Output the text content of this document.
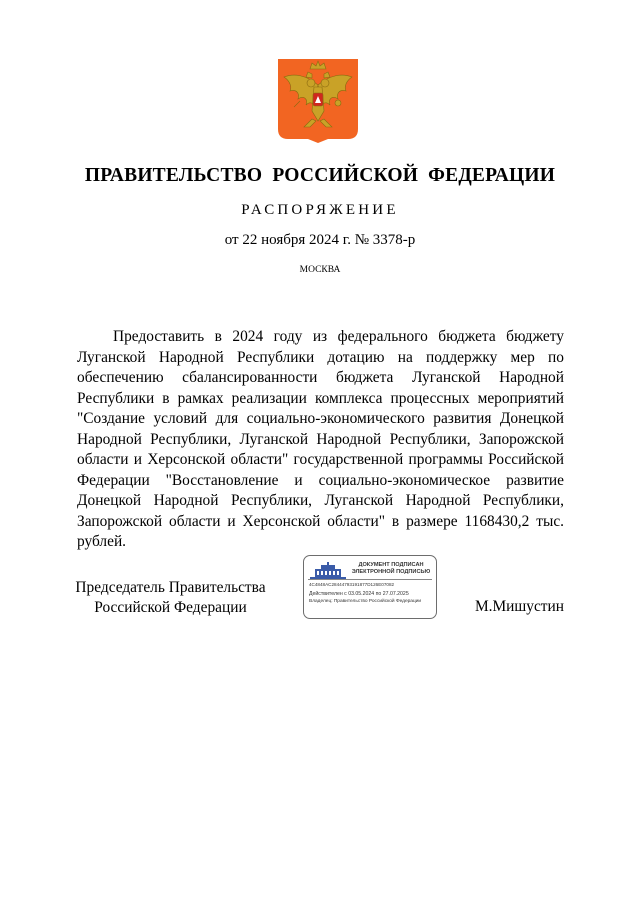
ПРАВИТЕЛЬСТВО РОССИЙСКОЙ ФЕДЕРАЦИИ
РАСПОРЯЖЕНИЕ
от 22 ноября 2024 г. № 3378-р
МОСКВА

Предоставить в 2024 году из федерального бюджета бюджету Луганской Народной Республики дотацию на поддержку мер по обеспечению сбалансированности бюджета Луганской Народной Республики в рамках реализации комплекса процессных мероприятий "Создание условий для социально-экономического развития Донецкой Народной Республики, Луганской Народной Республики, Запорожской области и Херсонской области" государственной программы Российской Федерации "Восстановление и социально-экономическое развитие Донецкой Народной Республики, Луганской Народной Республики, Запорожской области и Херсонской области" в размере 1168430,2 тыс. рублей.

Председатель Правительства
Российской Федерации
ДОКУМЕНТ ПОДПИСАН
ЭЛЕКТРОННОЙ ПОДПИСЬЮ
4C4848AC28444793191877D126E07082
Действителен с 03.05.2024 по 27.07.2025
Владелец: Правительство Российской Федерации	М.Мишустин
